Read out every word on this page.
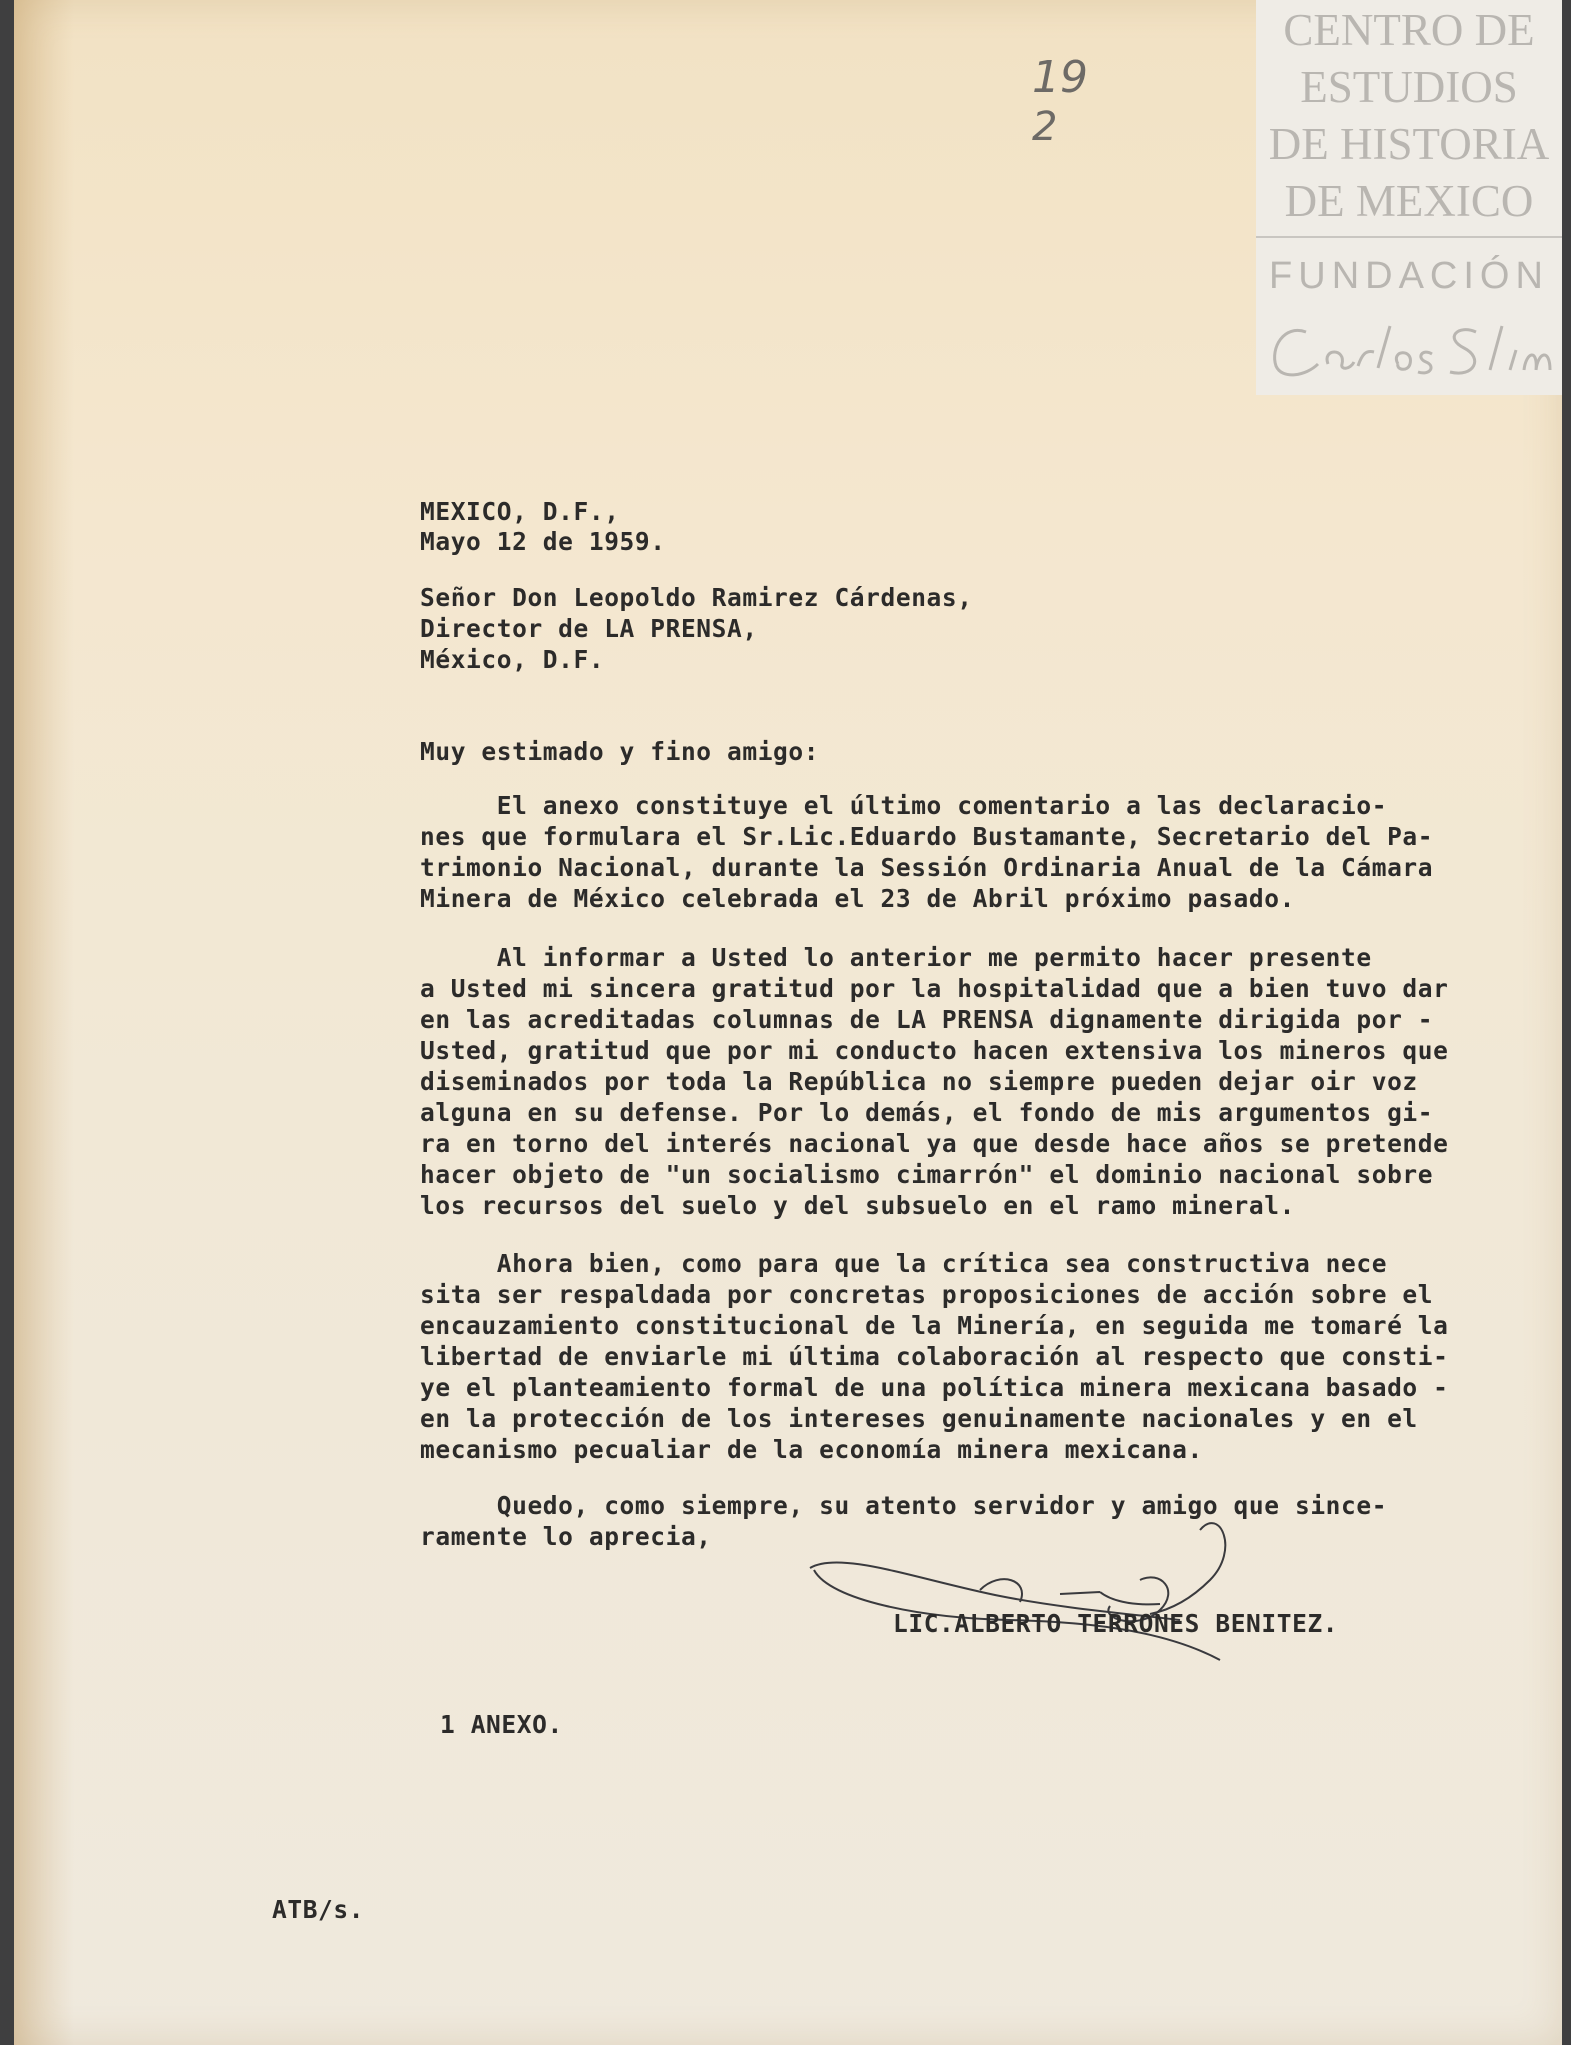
CENTRO DE
ESTUDIOS
DE HISTORIA
DE MEXICO
FUNDACIÓN
19
2
MEXICO, D.F.,
Mayo 12 de 1959.
Señor Don Leopoldo Ramirez Cárdenas,
Director de LA PRENSA,
México, D.F.
Muy estimado y fino amigo:
El anexo constituye el último comentario a las declaracio-
nes que formulara el Sr.Lic.Eduardo Bustamante, Secretario del Pa-
trimonio Nacional, durante la Sessión Ordinaria Anual de la Cámara
Minera de México celebrada el 23 de Abril próximo pasado.
Al informar a Usted lo anterior me permito hacer presente
a Usted mi sincera gratitud por la hospitalidad que a bien tuvo dar
en las acreditadas columnas de LA PRENSA dignamente dirigida por -
Usted, gratitud que por mi conducto hacen extensiva los mineros que
diseminados por toda la República no siempre pueden dejar oir voz
alguna en su defense. Por lo demás, el fondo de mis argumentos gi-
ra en torno del interés nacional ya que desde hace años se pretende
hacer objeto de "un socialismo cimarrón" el dominio nacional sobre
los recursos del suelo y del subsuelo en el ramo mineral.
Ahora bien, como para que la crítica sea constructiva nece
sita ser respaldada por concretas proposiciones de acción sobre el
encauzamiento constitucional de la Minería, en seguida me tomaré la
libertad de enviarle mi última colaboración al respecto que consti-
ye el planteamiento formal de una política minera mexicana basado -
en la protección de los intereses genuinamente nacionales y en el
mecanismo pecualiar de la economía minera mexicana.
Quedo, como siempre, su atento servidor y amigo que since-
ramente lo aprecia,
LIC.ALBERTO TERRONES BENITEZ.
1 ANEXO.
ATB/s.
